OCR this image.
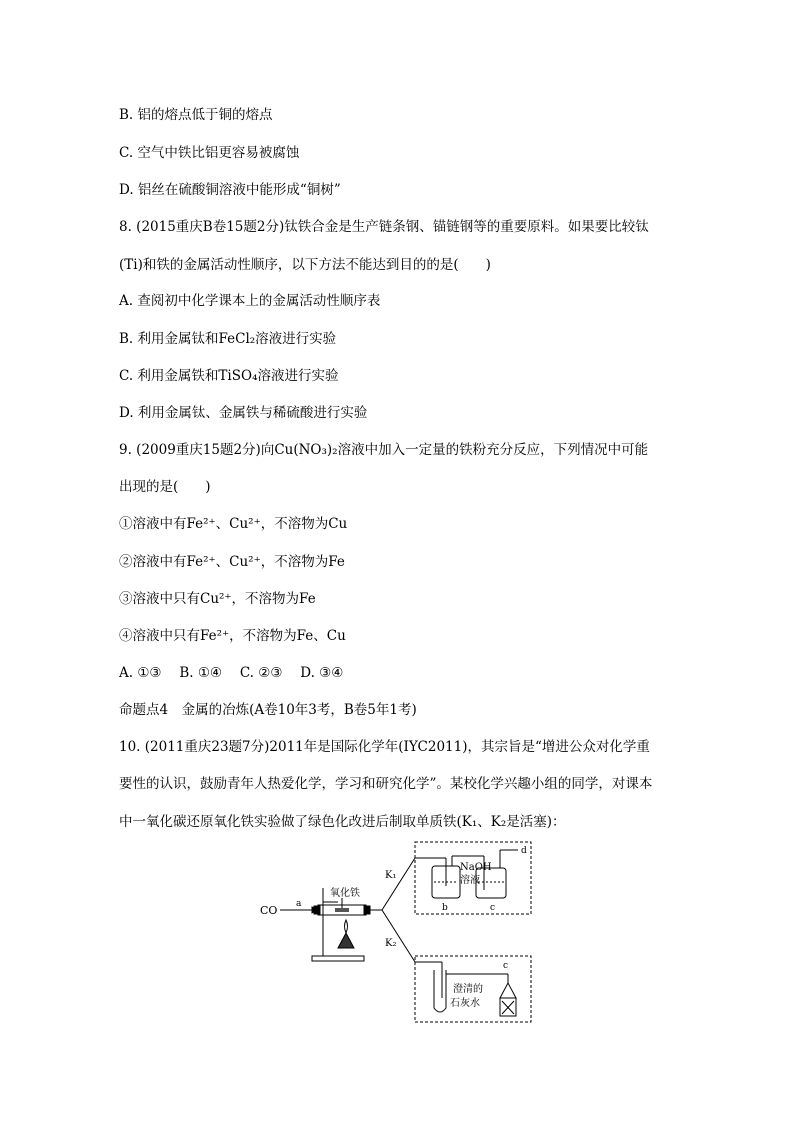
B. 铝的熔点低于铜的熔点
C. 空气中铁比铝更容易被腐蚀
D. 铝丝在硫酸铜溶液中能形成“铜树”
8. (2015重庆B卷15题2分)钛铁合金是生产链条钢、锚链钢等的重要原料。如果要比较钛
(Ti)和铁的金属活动性顺序，以下方法不能达到目的的是(　　)
A. 查阅初中化学课本上的金属活动性顺序表
B. 利用金属钛和FeCl₂溶液进行实验
C. 利用金属铁和TiSO₄溶液进行实验
D. 利用金属钛、金属铁与稀硫酸进行实验
9. (2009重庆15题2分)向Cu(NO₃)₂溶液中加入一定量的铁粉充分反应，下列情况中可能
出现的是(　　)
①溶液中有Fe²⁺、Cu²⁺，不溶物为Cu
②溶液中有Fe²⁺、Cu²⁺，不溶物为Fe
③溶液中只有Cu²⁺，不溶物为Fe
④溶液中只有Fe²⁺，不溶物为Fe、Cu
A. ①③　 B. ①④　 C. ②③　 D. ③④
命题点4　金属的冶炼(A卷10年3考，B卷5年1考)
10. (2011重庆23题7分)2011年是国际化学年(IYC2011)，其宗旨是“增进公众对化学重
要性的认识，鼓励青年人热爱化学，学习和研究化学”。某校化学兴趣小组的同学，对课本
中一氧化碳还原氧化铁实验做了绿色化改进后制取单质铁(K₁、K₂是活塞)：
CO a
氧化铁
K₁
K₂
NaOH
溶液
b	c
d
澄清的
石灰水
c
